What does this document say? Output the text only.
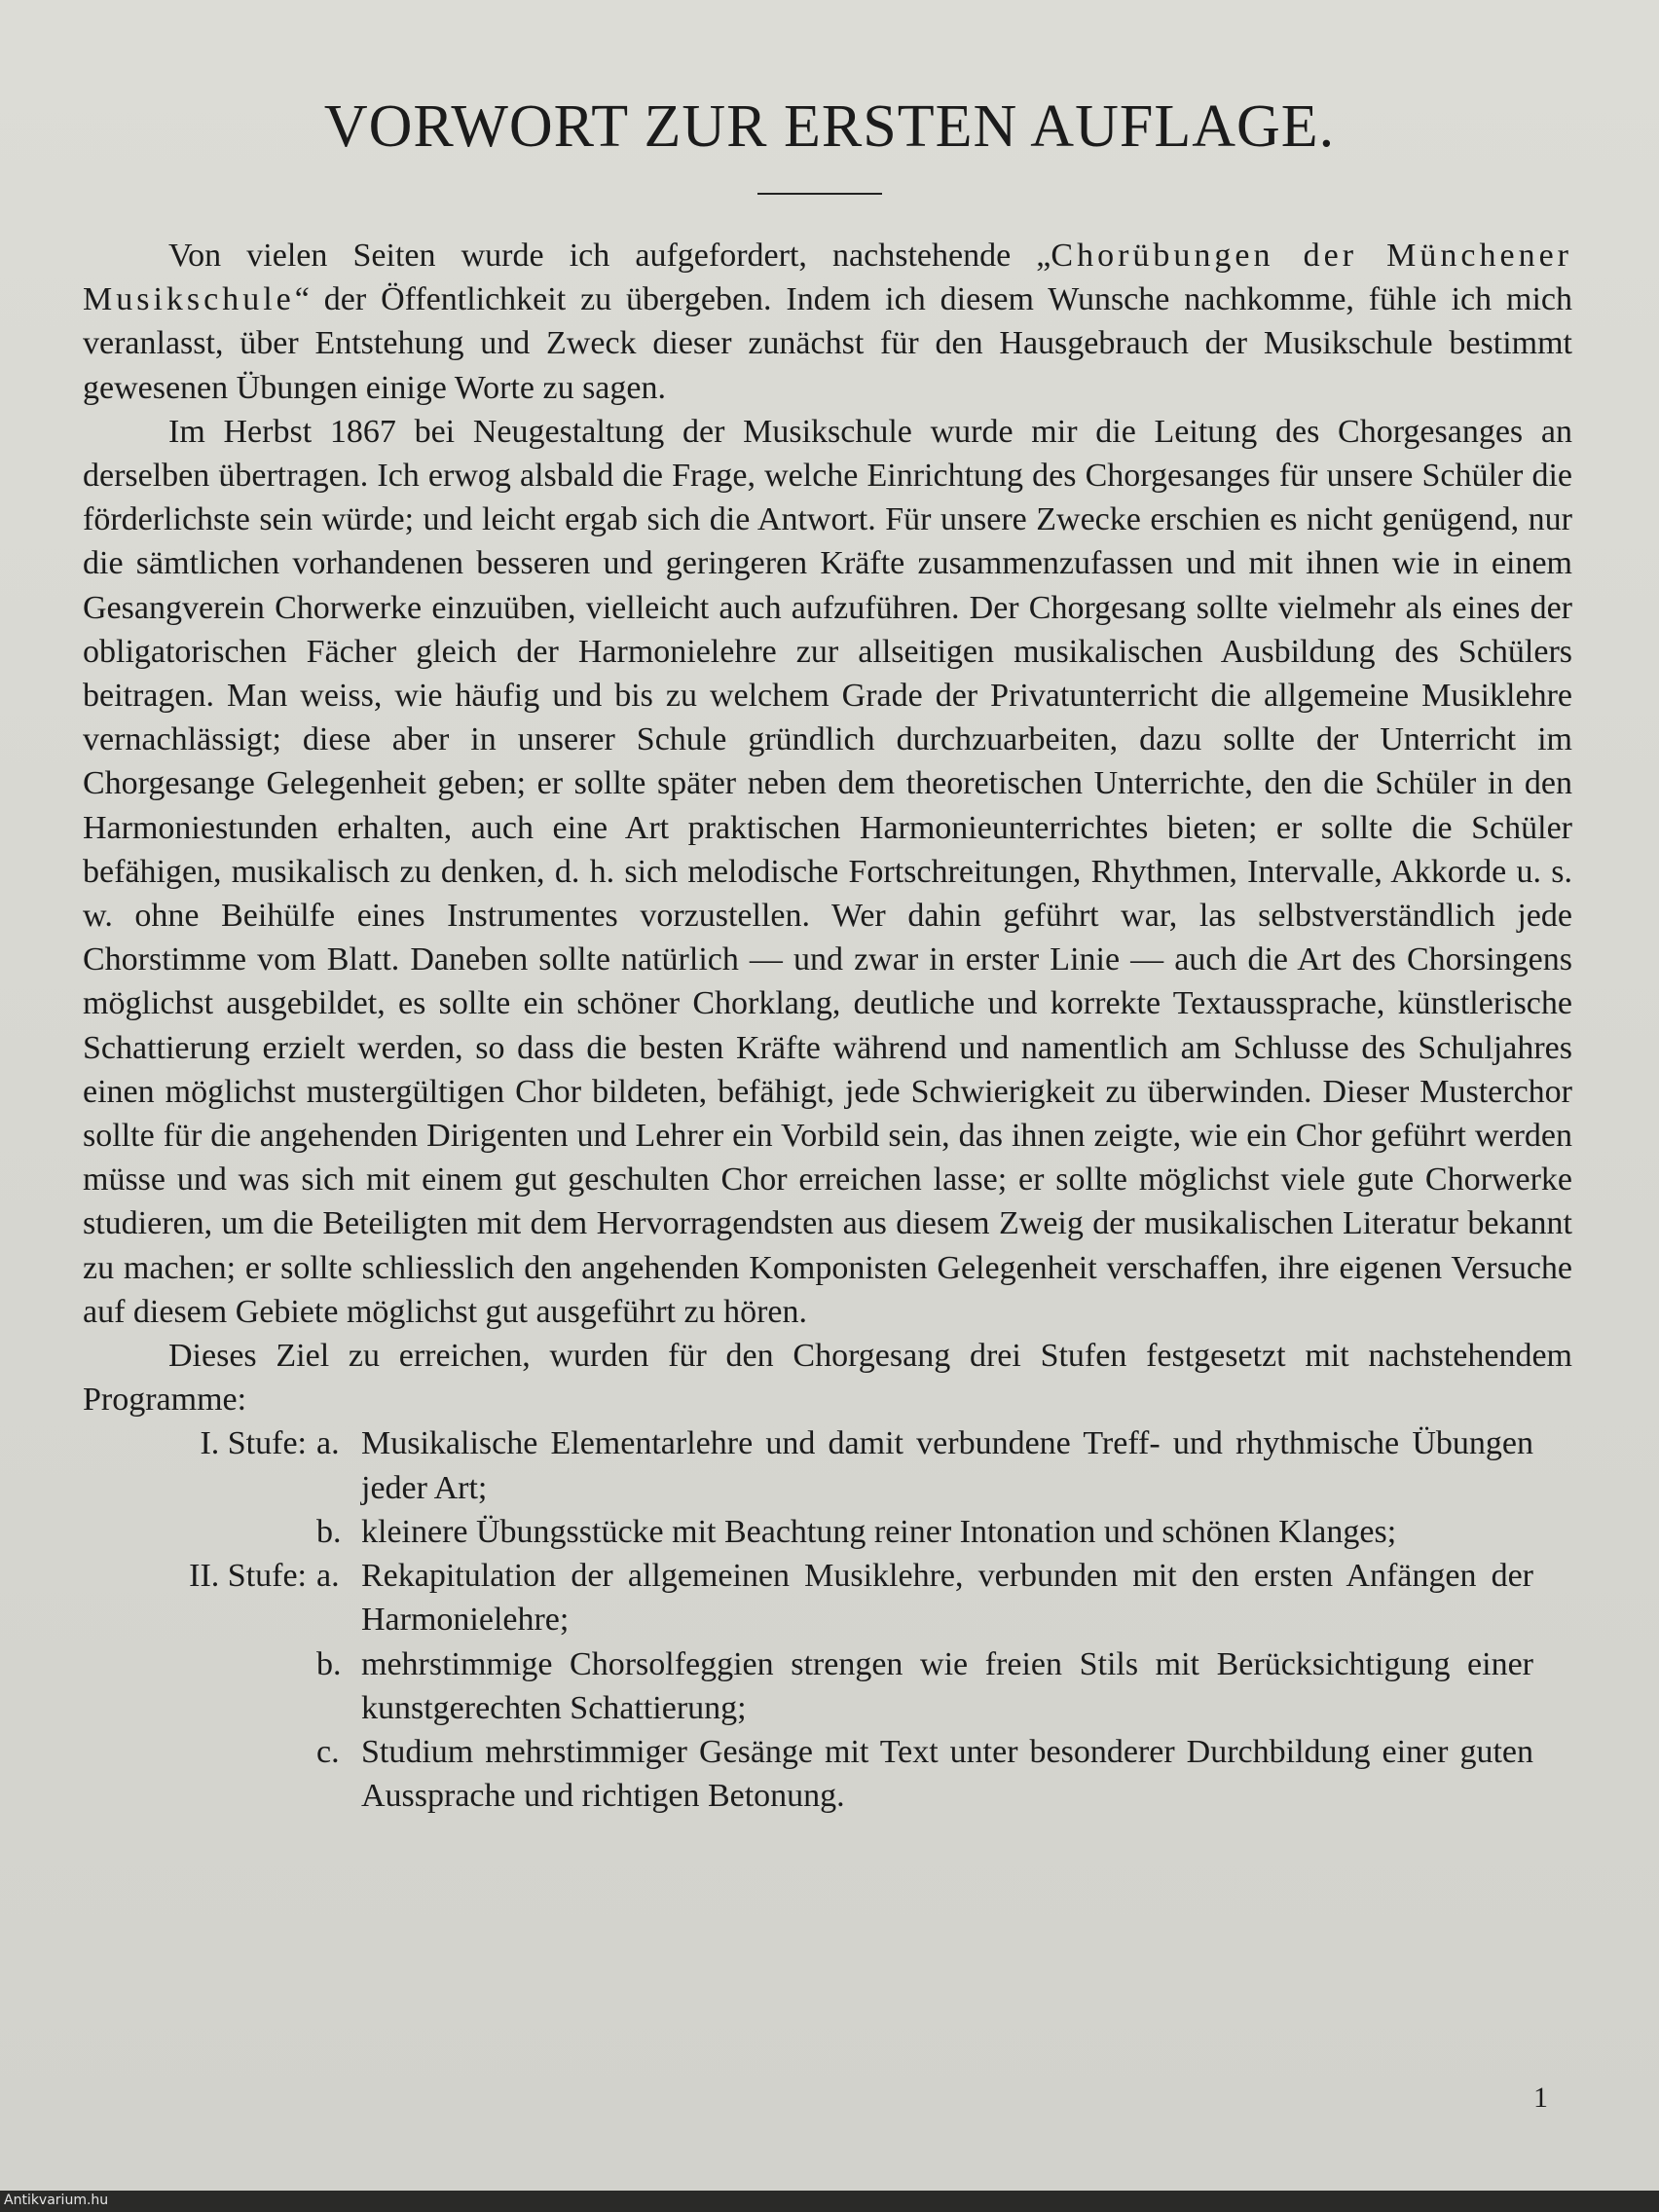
VORWORT ZUR ERSTEN AUFLAGE.

Von vielen Seiten wurde ich aufgefordert, nachstehende „Chorübungen der Münchener Musikschule“ der Öffentlichkeit zu übergeben. Indem ich diesem Wunsche nachkomme, fühle ich mich veranlasst, über Entstehung und Zweck dieser zunächst für den Hausgebrauch der Musikschule bestimmt gewesenen Übungen einige Worte zu sagen.

Im Herbst 1867 bei Neugestaltung der Musikschule wurde mir die Leitung des Chorgesanges an derselben übertragen. Ich erwog alsbald die Frage, welche Einrichtung des Chorgesanges für unsere Schüler die förderlichste sein würde; und leicht ergab sich die Antwort. Für unsere Zwecke erschien es nicht genügend, nur die sämtlichen vorhandenen besseren und geringeren Kräfte zusammenzufassen und mit ihnen wie in einem Gesangverein Chorwerke einzuüben, vielleicht auch aufzuführen. Der Chorgesang sollte vielmehr als eines der obligatorischen Fächer gleich der Harmonielehre zur allseitigen musikalischen Ausbildung des Schülers beitragen. Man weiss, wie häufig und bis zu welchem Grade der Privatunterricht die allgemeine Musiklehre vernachlässigt; diese aber in unserer Schule gründlich durchzuarbeiten, dazu sollte der Unterricht im Chorgesange Gelegenheit geben; er sollte später neben dem theoretischen Unterrichte, den die Schüler in den Harmoniestunden erhalten, auch eine Art praktischen Harmonieunterrichtes bieten; er sollte die Schüler befähigen, musikalisch zu denken, d. h. sich melodische Fortschreitungen, Rhythmen, Intervalle, Akkorde u. s. w. ohne Beihülfe eines Instrumentes vorzustellen. Wer dahin geführt war, las selbstverständlich jede Chorstimme vom Blatt. Daneben sollte natürlich — und zwar in erster Linie — auch die Art des Chorsingens möglichst ausgebildet, es sollte ein schöner Chorklang, deutliche und korrekte Textaussprache, künstlerische Schattierung erzielt werden, so dass die besten Kräfte während und namentlich am Schlusse des Schuljahres einen möglichst mustergültigen Chor bildeten, befähigt, jede Schwierigkeit zu überwinden. Dieser Musterchor sollte für die angehenden Dirigenten und Lehrer ein Vorbild sein, das ihnen zeigte, wie ein Chor geführt werden müsse und was sich mit einem gut geschulten Chor erreichen lasse; er sollte möglichst viele gute Chorwerke studieren, um die Beteiligten mit dem Hervorragendsten aus diesem Zweig der musikalischen Literatur bekannt zu machen; er sollte schliesslich den angehenden Komponisten Gelegenheit verschaffen, ihre eigenen Versuche auf diesem Gebiete möglichst gut ausgeführt zu hören.

Dieses Ziel zu erreichen, wurden für den Chorgesang drei Stufen festgesetzt mit nachstehendem Programme:

I. Stufe: a. Musikalische Elementarlehre und damit verbundene Treff- und rhythmische Übungen jeder Art;
b. kleinere Übungsstücke mit Beachtung reiner Intonation und schönen Klanges;
II. Stufe: a. Rekapitulation der allgemeinen Musiklehre, verbunden mit den ersten Anfängen der Harmonielehre;
b. mehrstimmige Chorsolfeggien strengen wie freien Stils mit Berücksichtigung einer kunstgerechten Schattierung;
c. Studium mehrstimmiger Gesänge mit Text unter besonderer Durchbildung einer guten Aussprache und richtigen Betonung.
1
Antikvarium.hu
